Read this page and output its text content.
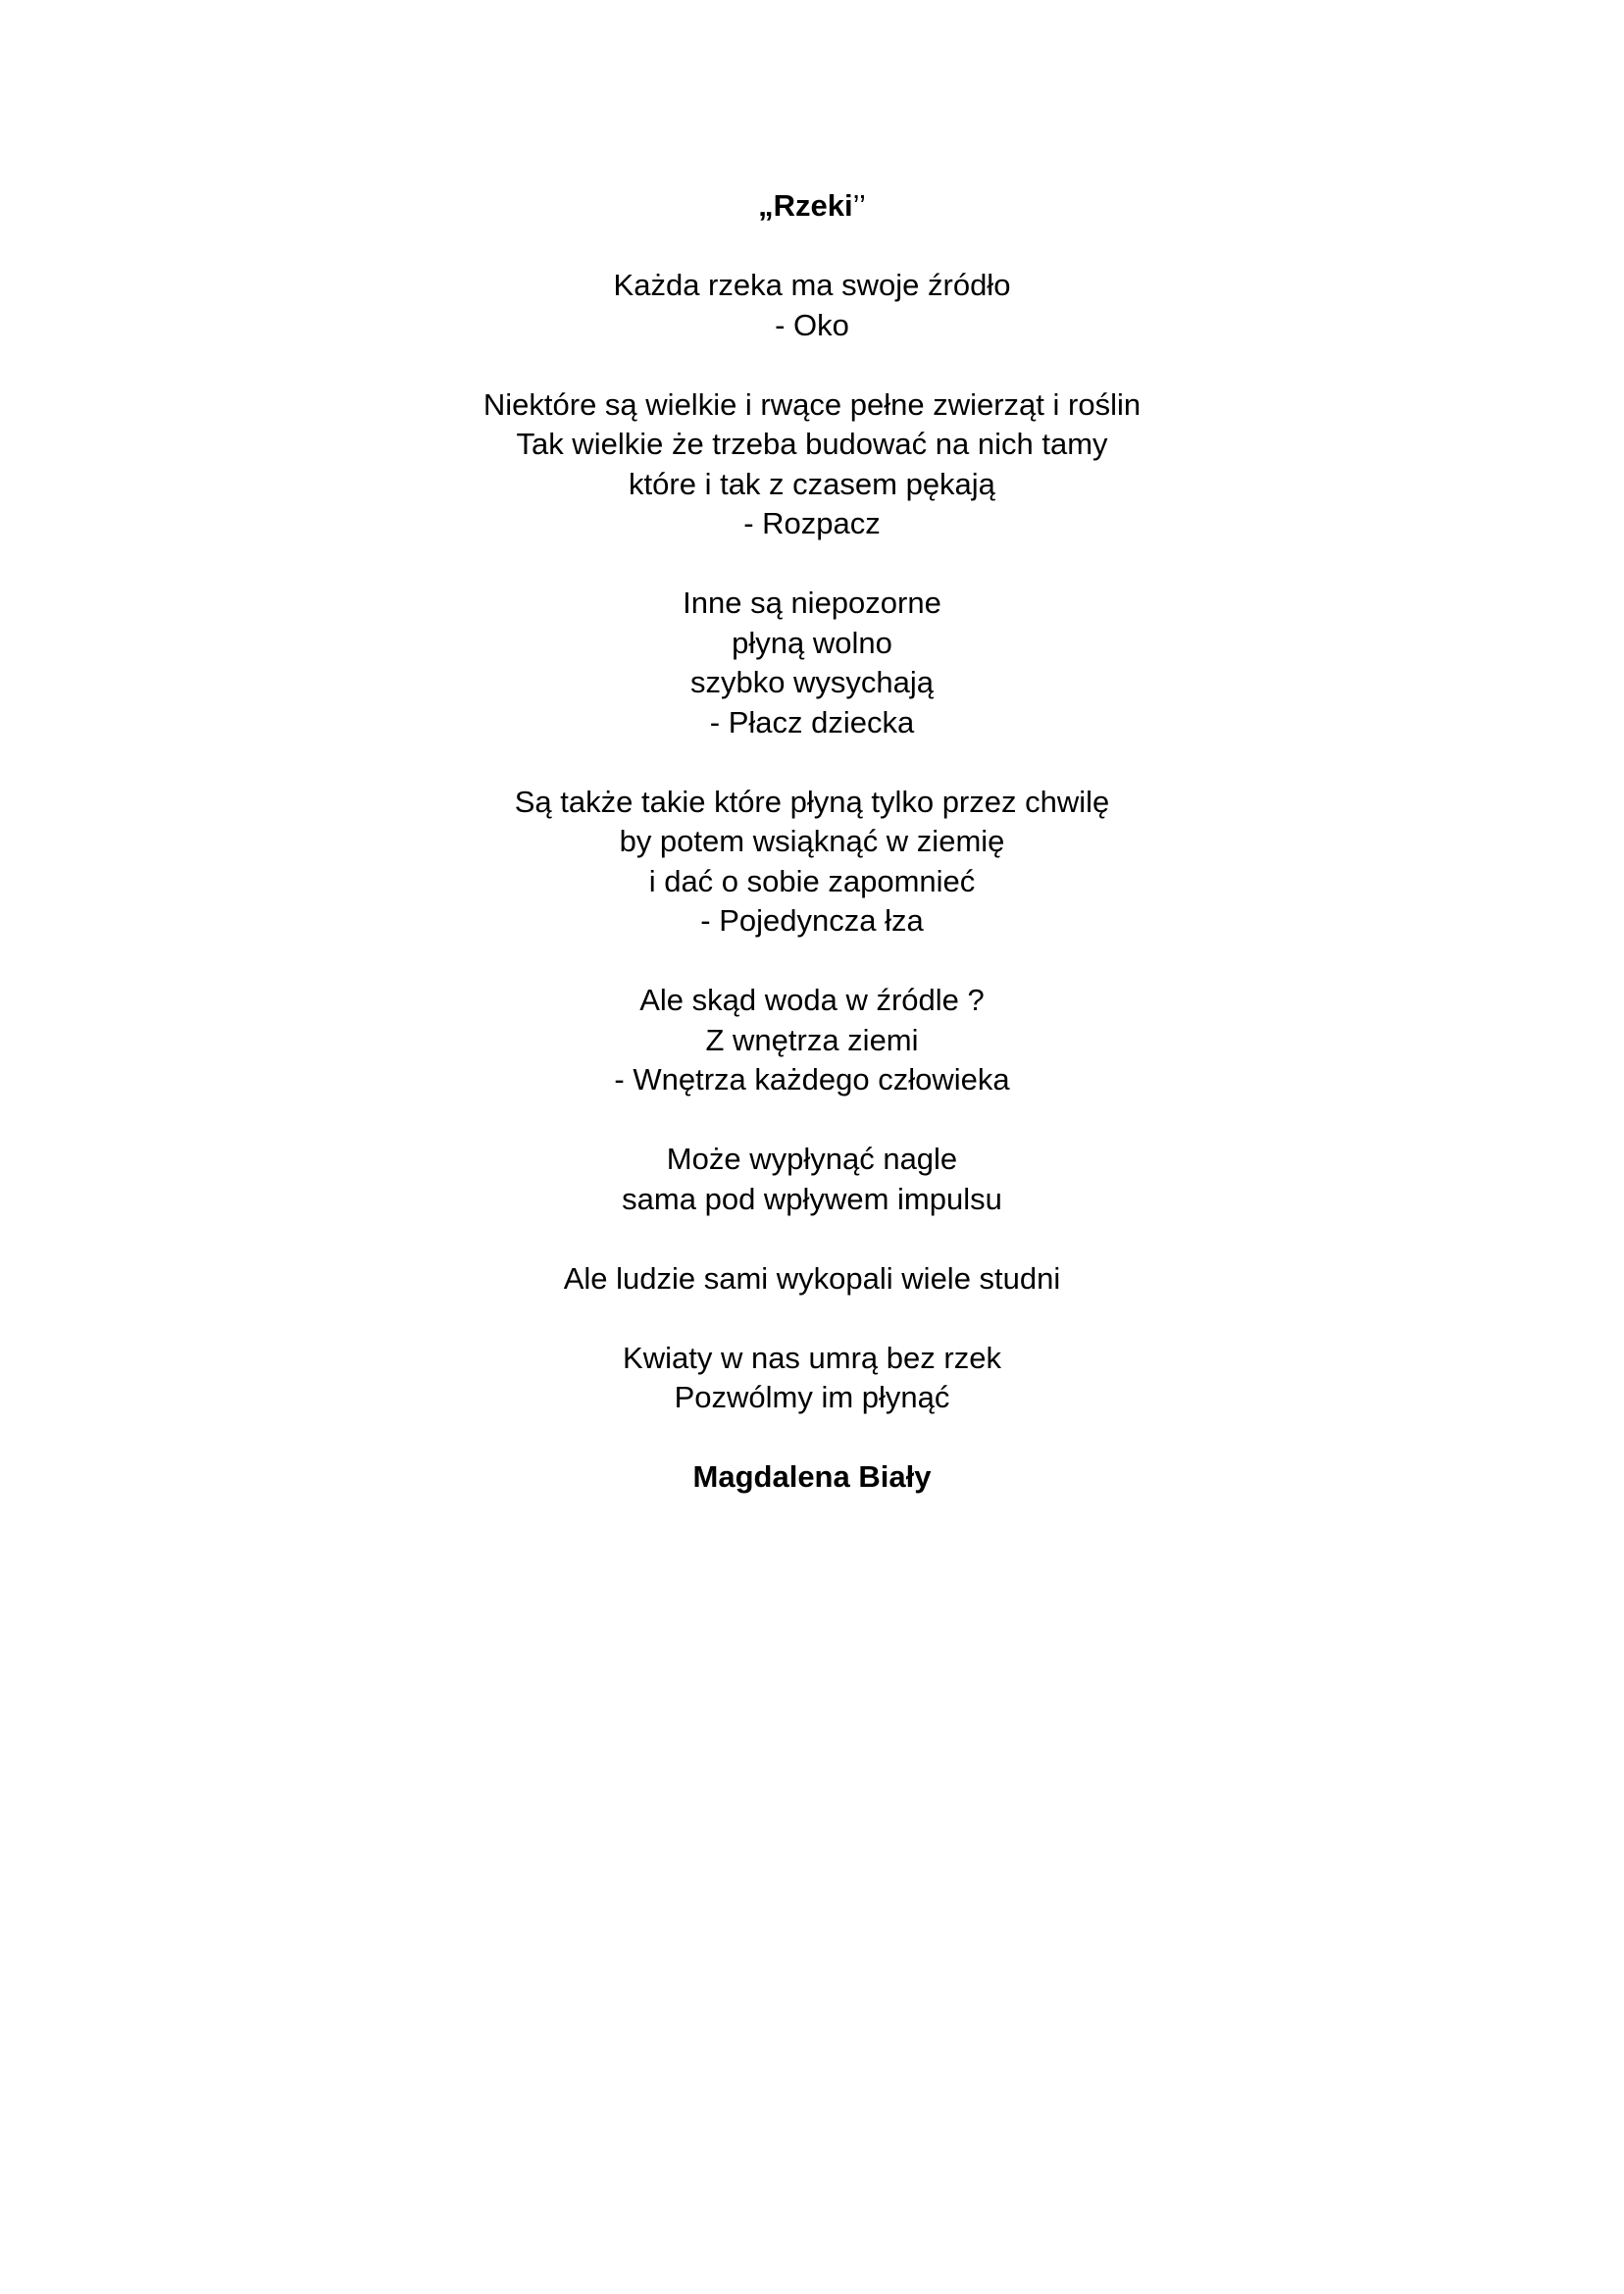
„Rzeki’’
Każda rzeka ma swoje źródło
- Oko
Niektóre są wielkie i rwące pełne zwierząt i roślin
Tak wielkie że trzeba budować na nich tamy
które i tak z czasem pękają
- Rozpacz
Inne są niepozorne
płyną wolno
szybko wysychają
- Płacz dziecka
Są także takie które płyną tylko przez chwilę
by potem wsiąknąć w ziemię
i dać o sobie zapomnieć
- Pojedyncza łza
Ale skąd woda w źródle ?
Z wnętrza ziemi
- Wnętrza każdego człowieka
Może wypłynąć nagle
sama pod wpływem impulsu
Ale ludzie sami wykopali wiele studni
Kwiaty w nas umrą bez rzek
Pozwólmy im płynąć
Magdalena Biały
